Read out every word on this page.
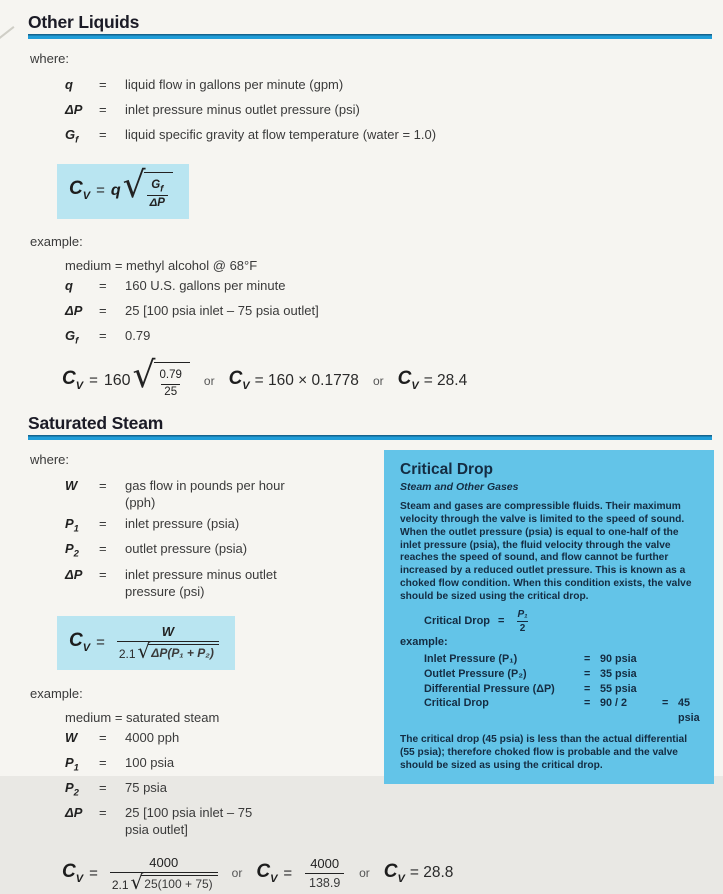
Other Liquids
where:
q	=	liquid flow in gallons per minute (gpm)
ΔP	=	inlet pressure minus outlet pressure (psi)
$G_f$	=	liquid specific gravity at flow temperature (water = 1.0)
$C_V = q$ √ $\frac{G_f}{\Delta P}$
example:
medium = methyl alcohol @ 68°F
q	=	160 U.S. gallons per minute
ΔP	=	25 [100 psia inlet – 75 psia outlet]
$G_f$	=	0.79
$C_V = 160$ √ $\frac{0.79}{25}$ or $C_V = 160 \times 0.1778$ or $C_V = 28.4$
Saturated Steam
where:
W	=	gas flow in pounds per hour (pph)
$P_1$	=	inlet pressure (psia)
$P_2$	=	outlet pressure (psia)
ΔP	=	inlet pressure minus outlet pressure (psi)
$C_V$ =
W
2.1 √ ΔP(P₁ + P₂)
example:
medium = saturated steam
W	=	4000 pph
$P_1$	=	100 psia
$P_2$	=	75 psia
ΔP	=	25 [100 psia inlet – 75 psia outlet]
Critical Drop
Steam and Other Gases
Steam and gases are compressible fluids. Their maximum velocity through the valve is limited to the speed of sound. When the outlet pressure (psia) is equal to one-half of the inlet pressure (psia), the fluid velocity through the valve reaches the speed of sound, and flow cannot be further increased by a reduced outlet pressure. This is known as a choked flow condition. When this condition exists, the valve should be sized using the critical drop.
Critical Drop = $\frac{\text{P₁}}{2}$
example:
Inlet Pressure (P₁)	= 90 psia
Outlet Pressure (P₂)	= 35 psia
Differential Pressure (ΔP)	= 55 psia
Critical Drop	= 90 / 2	= 45 psia
The critical drop (45 psia) is less than the actual differential (55 psia); therefore choked flow is probable and the valve should be sized as using the critical drop.
$C_V$ =
4000
2.1 √ 25(100 + 75)
or $C_V = \frac{4000}{138.9}$ or $C_V = 28.8$
